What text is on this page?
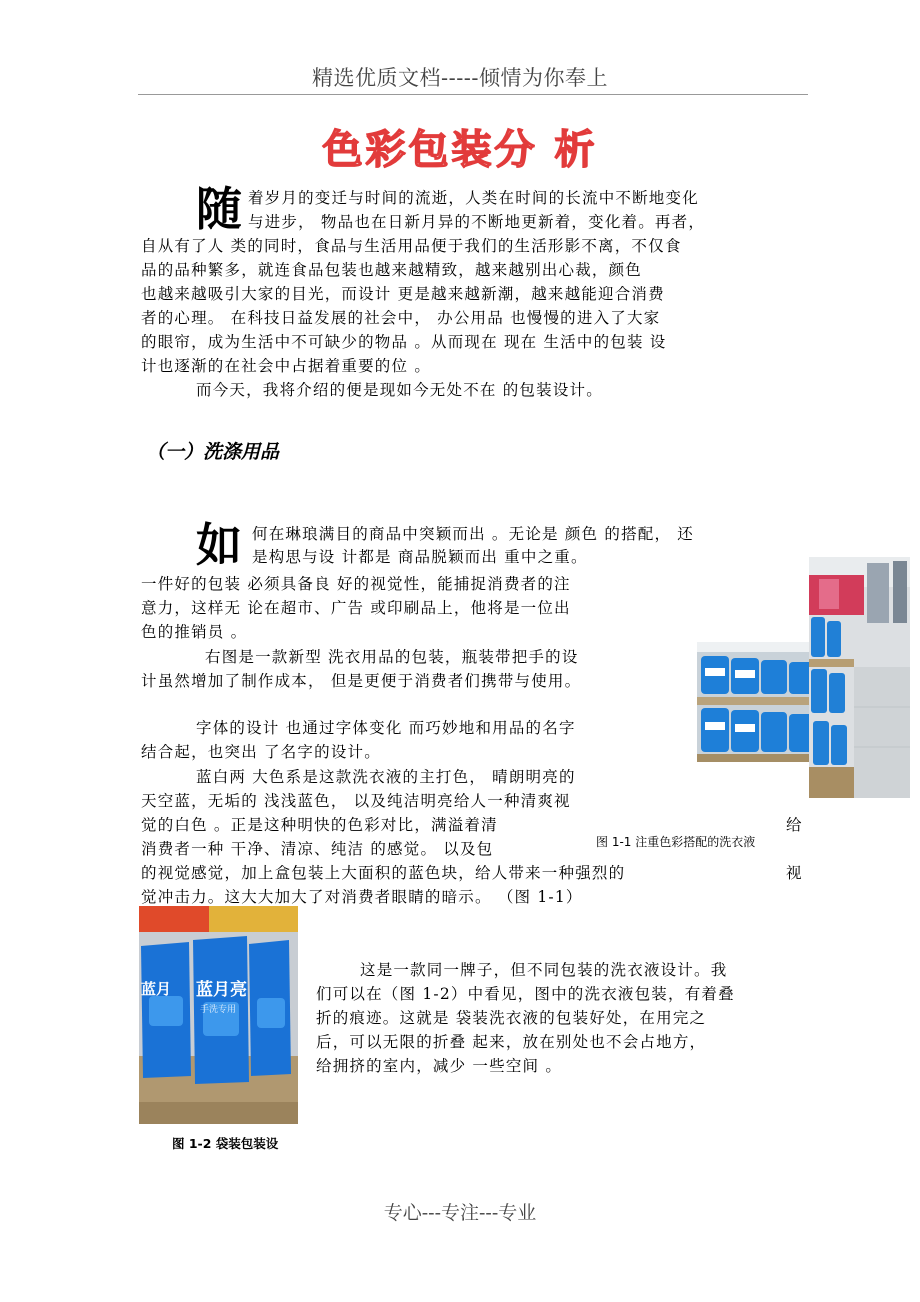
精选优质文档-----倾情为你奉上
色彩包装分 析
随 着岁月的变迁与时间的流逝，人类在时间的长流中不断地变化
与进步， 物品也在日新月异的不断地更新着，变化着。再者，
自从有了人 类的同时，食品与生活用品便于我们的生活形影不离，不仅食
品的品种繁多，就连食品包装也越来越精致，越来越别出心裁，颜色
也越来越吸引大家的目光，而设计 更是越来越新潮，越来越能迎合消费
者的心理。 在科技日益发展的社会中， 办公用品 也慢慢的进入了大家
的眼帘，成为生活中不可缺少的物品 。从而现在 现在 生活中的包装 设
计也逐渐的在社会中占据着重要的位 。
而今天，我将介绍的便是现如今无处不在 的包装设计。
（一）洗涤用品
如 何在琳琅满目的商品中突颖而出 。无论是 颜色 的搭配， 还
是构思与设 计都是 商品脱颖而出 重中之重。
一件好的包装 必须具备良 好的视觉性，能捕捉消费者的注
意力，这样无 论在超市、广告 或印刷品上，他将是一位出
色的推销员 。
右图是一款新型 洗衣用品的包装，瓶装带把手的设
计虽然增加了制作成本， 但是更便于消费者们携带与使用。
字体的设计 也通过字体变化 而巧妙地和用品的名字
结合起，也突出 了名字的设计。
蓝白两 大色系是这款洗衣液的主打色， 晴朗明亮的
天空蓝，无垢的 浅浅蓝色， 以及纯洁明亮给人一种清爽视
觉的白色 。正是这种明快的色彩对比，满溢着清	给
消费者一种 干净、清凉、纯洁 的感觉。 以及包
的视觉感觉，加上盒包装上大面积的蓝色块，给人带来一种强烈的	视
觉冲击力。这大大加大了对消费者眼睛的暗示。 （图 1-1）
图 1-1 注重色彩搭配的洗衣液
蓝月 蓝月亮
手洗专用
图 1-2 袋装包装设
这是一款同一牌子，但不同包装的洗衣液设计。我
们可以在（图 1-2）中看见，图中的洗衣液包装，有着叠
折的痕迹。这就是 袋装洗衣液的包装好处，在用完之
后，可以无限的折叠 起来，放在别处也不会占地方，
给拥挤的室内，减少 一些空间 。
专心---专注---专业
